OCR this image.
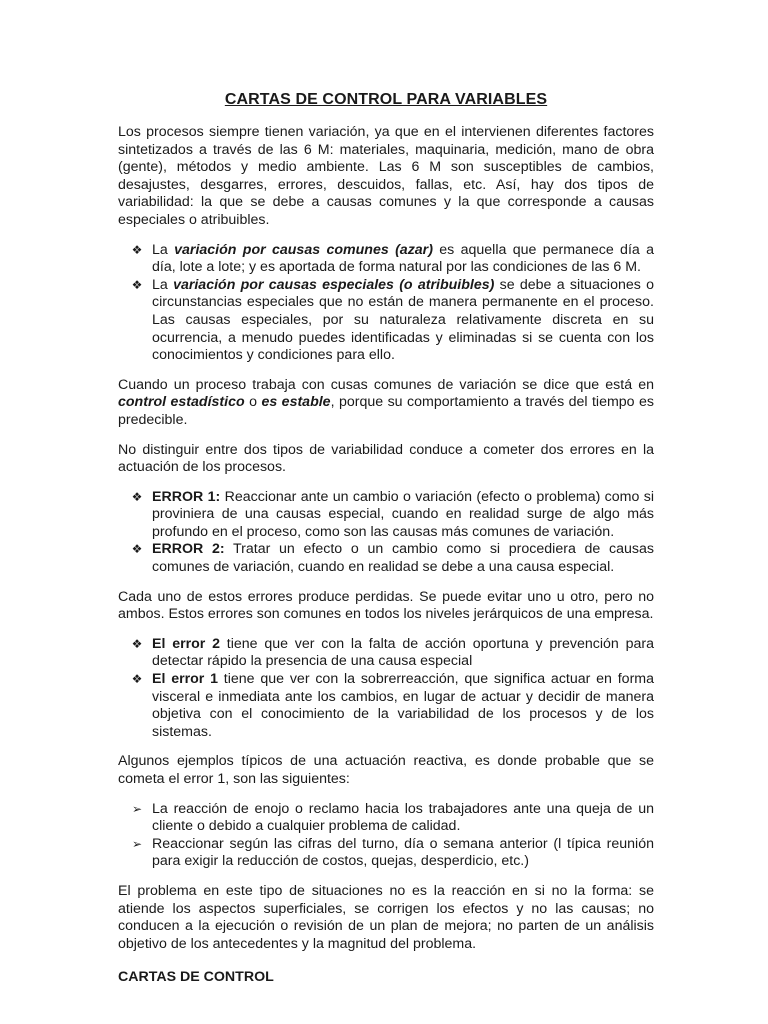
CARTAS DE CONTROL PARA VARIABLES

Los procesos siempre tienen variación, ya que en el intervienen diferentes factores sintetizados a través de las 6 M: materiales, maquinaria, medición, mano de obra (gente), métodos y medio ambiente. Las 6 M son susceptibles de cambios, desajustes, desgarres, errores, descuidos, fallas, etc. Así, hay dos tipos de variabilidad: la que se debe a causas comunes y la que corresponde a causas especiales o atribuibles.

❖ La variación por causas comunes (azar) es aquella que permanece día a día, lote a lote; y es aportada de forma natural por las condiciones de las 6 M.
❖ La variación por causas especiales (o atribuibles) se debe a situaciones o circunstancias especiales que no están de manera permanente en el proceso. Las causas especiales, por su naturaleza relativamente discreta en su ocurrencia, a menudo puedes identificadas y eliminadas si se cuenta con los conocimientos y condiciones para ello.

Cuando un proceso trabaja con cusas comunes de variación se dice que está en control estadístico o es estable, porque su comportamiento a través del tiempo es predecible.

No distinguir entre dos tipos de variabilidad conduce a cometer dos errores en la actuación de los procesos.

❖ ERROR 1: Reaccionar ante un cambio o variación (efecto o problema) como si proviniera de una causas especial, cuando en realidad surge de algo más profundo en el proceso, como son las causas más comunes de variación.
❖ ERROR 2: Tratar un efecto o un cambio como si procediera de causas comunes de variación, cuando en realidad se debe a una causa especial.

Cada uno de estos errores produce perdidas. Se puede evitar uno u otro, pero no ambos. Estos errores son comunes en todos los niveles jerárquicos de una empresa.

❖ El error 2 tiene que ver con la falta de acción oportuna y prevención para detectar rápido la presencia de una causa especial
❖ El error 1 tiene que ver con la sobrerreacción, que significa actuar en forma visceral e inmediata ante los cambios, en lugar de actuar y decidir de manera objetiva con el conocimiento de la variabilidad de los procesos y de los sistemas.

Algunos ejemplos típicos de una actuación reactiva, es donde probable que se cometa el error 1, son las siguientes:

➢ La reacción de enojo o reclamo hacia los trabajadores ante una queja de un cliente o debido a cualquier problema de calidad.
➢ Reaccionar según las cifras del turno, día o semana anterior (l típica reunión para exigir la reducción de costos, quejas, desperdicio, etc.)

El problema en este tipo de situaciones no es la reacción en si no la forma: se atiende los aspectos superficiales, se corrigen los efectos y no las causas; no conducen a la ejecución o revisión de un plan de mejora; no parten de un análisis objetivo de los antecedentes y la magnitud del problema.

CARTAS DE CONTROL
